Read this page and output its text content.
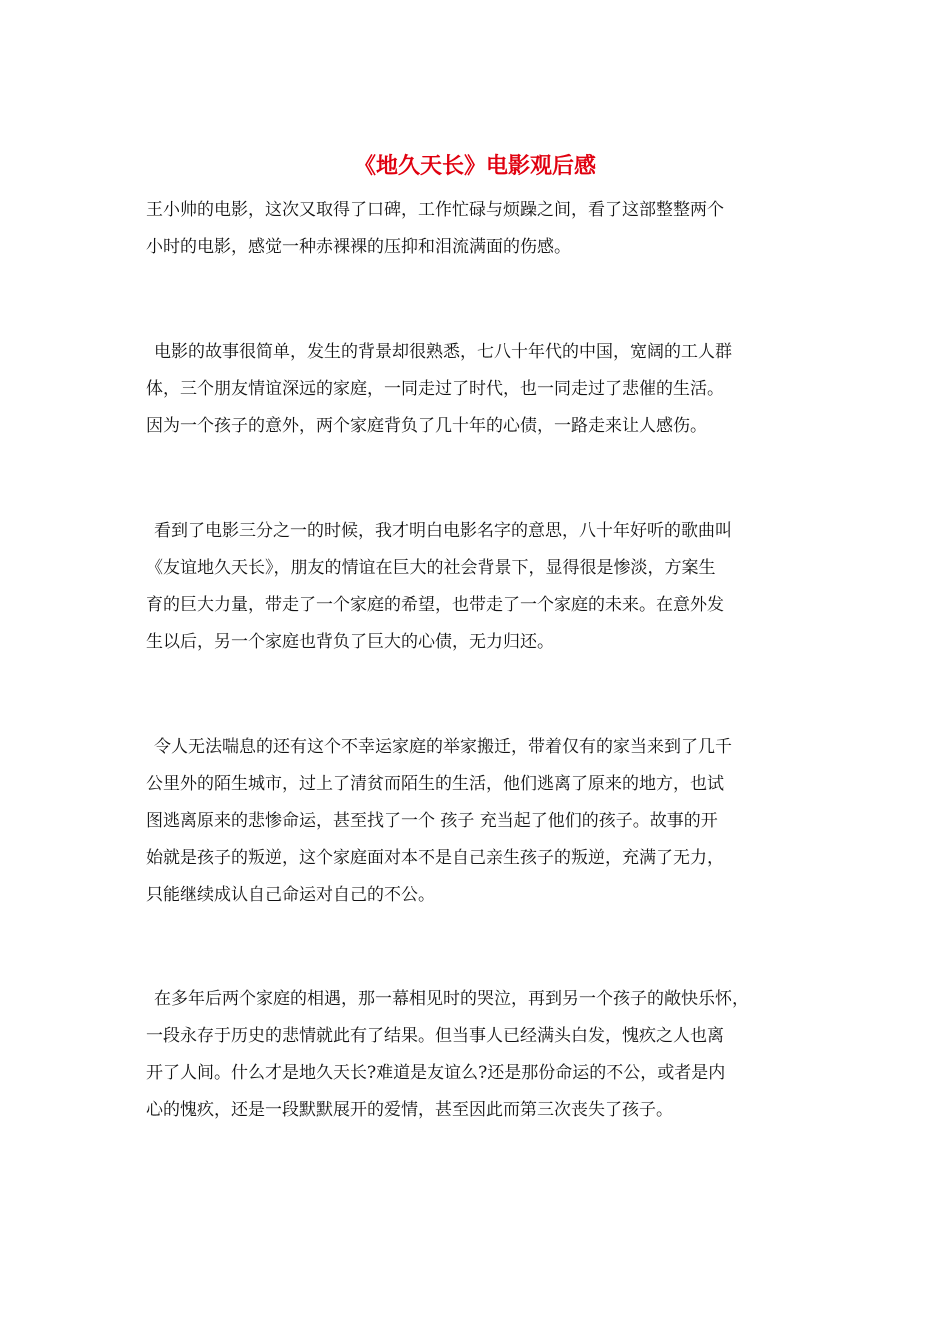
《地久天长》电影观后感
王小帅的电影，这次又取得了口碑，工作忙碌与烦躁之间，看了这部整整两个
小时的电影，感觉一种赤裸裸的压抑和泪流满面的伤感。
电影的故事很简单，发生的背景却很熟悉，七八十年代的中国，宽阔的工人群
体，三个朋友情谊深远的家庭，一同走过了时代，也一同走过了悲催的生活。
因为一个孩子的意外，两个家庭背负了几十年的心债，一路走来让人感伤。
看到了电影三分之一的时候，我才明白电影名字的意思，八十年好听的歌曲叫
《友谊地久天长》，朋友的情谊在巨大的社会背景下，显得很是惨淡，方案生
育的巨大力量，带走了一个家庭的希望，也带走了一个家庭的未来。在意外发
生以后，另一个家庭也背负了巨大的心债，无力归还。
令人无法喘息的还有这个不幸运家庭的举家搬迁，带着仅有的家当来到了几千
公里外的陌生城市，过上了清贫而陌生的生活，他们逃离了原来的地方，也试
图逃离原来的悲惨命运，甚至找了一个 孩子 充当起了他们的孩子。故事的开
始就是孩子的叛逆，这个家庭面对本不是自己亲生孩子的叛逆，充满了无力，
只能继续成认自己命运对自己的不公。
在多年后两个家庭的相遇，那一幕相见时的哭泣，再到另一个孩子的敞快乐怀，
一段永存于历史的悲情就此有了结果。但当事人已经满头白发，愧疚之人也离
开了人间。什么才是地久天长?难道是友谊么?还是那份命运的不公，或者是内
心的愧疚，还是一段默默展开的爱情，甚至因此而第三次丧失了孩子。
